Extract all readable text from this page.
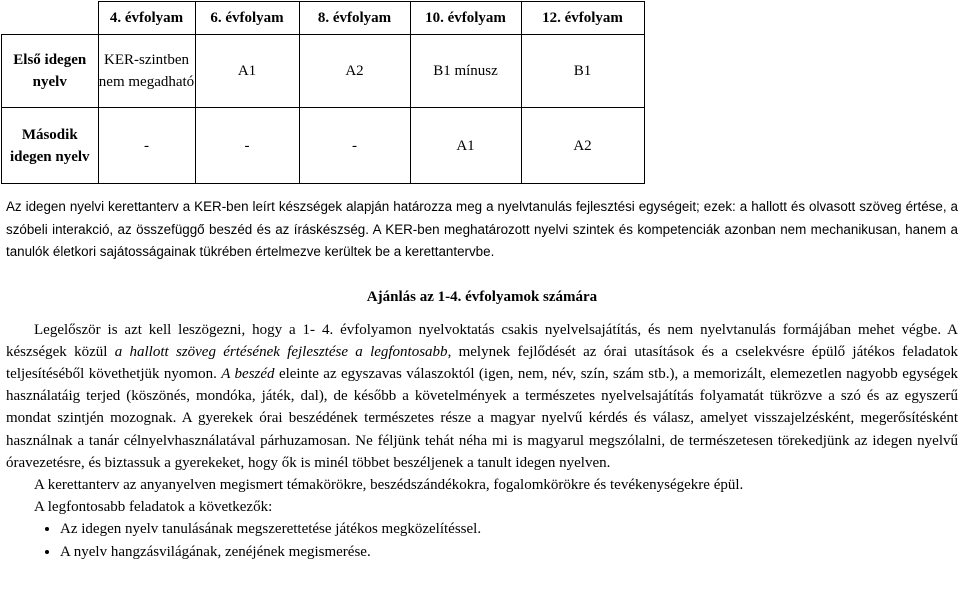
	4. évfolyam	6. évfolyam	8. évfolyam	10. évfolyam	12. évfolyam
Első idegen nyelv	KER-szintben nem megadható	A1	A2	B1 mínusz	B1
Második idegen nyelv	-	-	-	A1	A2

Az idegen nyelvi kerettanterv a KER-ben leírt készségek alapján határozza meg a nyelvtanulás fejlesztési egységeit; ezek: a hallott és olvasott szöveg értése, a szóbeli interakció, az összefüggő beszéd és az íráskészség. A KER-ben meghatározott nyelvi szintek és kompetenciák azonban nem mechanikusan, hanem a tanulók életkori sajátosságainak tükrében értelmezve kerültek be a kerettantervbe.

Ajánlás az 1-4. évfolyamok számára

Legelőször is azt kell leszögezni, hogy a 1- 4. évfolyamon nyelvoktatás csakis nyelvelsajátítás, és nem nyelvtanulás formájában mehet végbe. A készségek közül a hallott szöveg értésének fejlesztése a legfontosabb, melynek fejlődését az órai utasítások és a cselekvésre épülő játékos feladatok teljesítéséből követhetjük nyomon. A beszéd eleinte az egyszavas válaszoktól (igen, nem, név, szín, szám stb.), a memorizált, elemezetlen nagyobb egységek használatáig terjed (köszönés, mondóka, játék, dal), de később a követelmények a természetes nyelvelsajátítás folyamatát tükrözve a szó és az egyszerű mondat szintjén mozognak. A gyerekek órai beszédének természetes része a magyar nyelvű kérdés és válasz, amelyet visszajelzésként, megerősítésként használnak a tanár célnyelvhasználatával párhuzamosan. Ne féljünk tehát néha mi is magyarul megszólalni, de természetesen törekedjünk az idegen nyelvű óravezetésre, és biztassuk a gyerekeket, hogy ők is minél többet beszéljenek a tanult idegen nyelven.

A kerettanterv az anyanyelven megismert témakörökre, beszédszándékokra, fogalomkörökre és tevékenységekre épül.

A legfontosabb feladatok a következők:

• Az idegen nyelv tanulásának megszerettetése játékos megközelítéssel.
• A nyelv hangzásvilágának, zenéjének megismerése.
